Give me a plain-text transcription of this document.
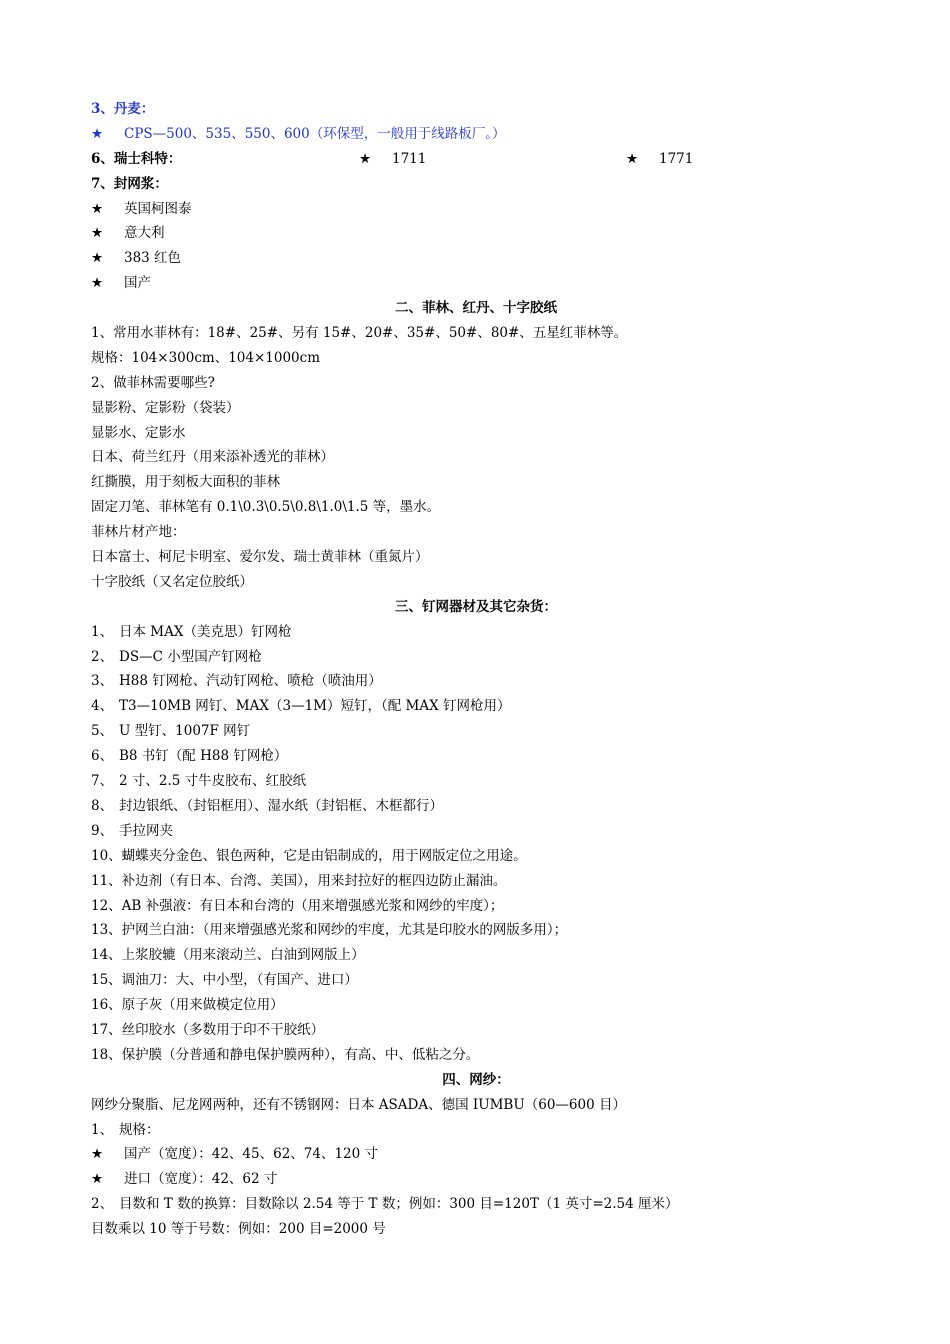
3、丹麦：
★ CPS—500、535、550、600（环保型，一般用于线路板厂。）
6、瑞士科特：	★ 1711	★ 1771
7、封网浆：
★ 英国柯图泰
★ 意大利
★ 383 红色
★ 国产
二、菲林、红丹、十字胶纸
1、常用水菲林有：18#、25#、另有 15#、20#、35#、50#、80#、五星红菲林等。
规格：104×300cm、104×1000cm
2、做菲林需要哪些?
显影粉、定影粉（袋装）
显影水、定影水
日本、荷兰红丹（用来添补透光的菲林）
红撕膜，用于刻板大面积的菲林
固定刀笔、菲林笔有 0.1\0.3\0.5\0.8\1.0\1.5 等，墨水。
菲林片材产地：
日本富士、柯尼卡明室、爱尔发、瑞士黄菲林（重氮片）
十字胶纸（又名定位胶纸）
三、钉网器材及其它杂货：
1、 日本 MAX（美克思）钉网枪
2、 DS—C 小型国产钉网枪
3、 H88 钉网枪、汽动钉网枪、喷枪（喷油用）
4、 T3—10MB 网钉、MAX（3—1M）短钉，（配 MAX 钉网枪用）
5、 U 型钉、1007F 网钉
6、 B8 书钉（配 H88 钉网枪）
7、 2 寸、2.5 寸牛皮胶布、红胶纸
8、 封边银纸、（封铝框用）、湿水纸（封铝框、木框都行）
9、 手拉网夹
10、蝴蝶夹分金色、银色两种，它是由铝制成的，用于网版定位之用途。
11、补边剂（有日本、台湾、美国），用来封拉好的框四边防止漏油。
12、AB 补强液：有日本和台湾的（用来增强感光浆和网纱的牢度）；
13、护网兰白油：（用来增强感光浆和网纱的牢度，尤其是印胶水的网版多用）；
14、上浆胶辘（用来滚动兰、白油到网版上）
15、调油刀：大、中小型，（有国产、进口）
16、原子灰（用来做模定位用）
17、丝印胶水（多数用于印不干胶纸）
18、保护膜（分普通和静电保护膜两种），有高、中、低粘之分。
四、网纱：
网纱分聚脂、尼龙网两种，还有不锈钢网：日本 ASADA、德国 IUMBU（60—600 目）
1、 规格：
★ 国产（宽度）：42、45、62、74、120 寸
★ 进口（宽度）：42、62 寸
2、 目数和 T 数的换算：目数除以 2.54 等于 T 数；例如：300 目=120T（1 英寸=2.54 厘米）
目数乘以 10 等于号数：例如：200 目=2000 号
